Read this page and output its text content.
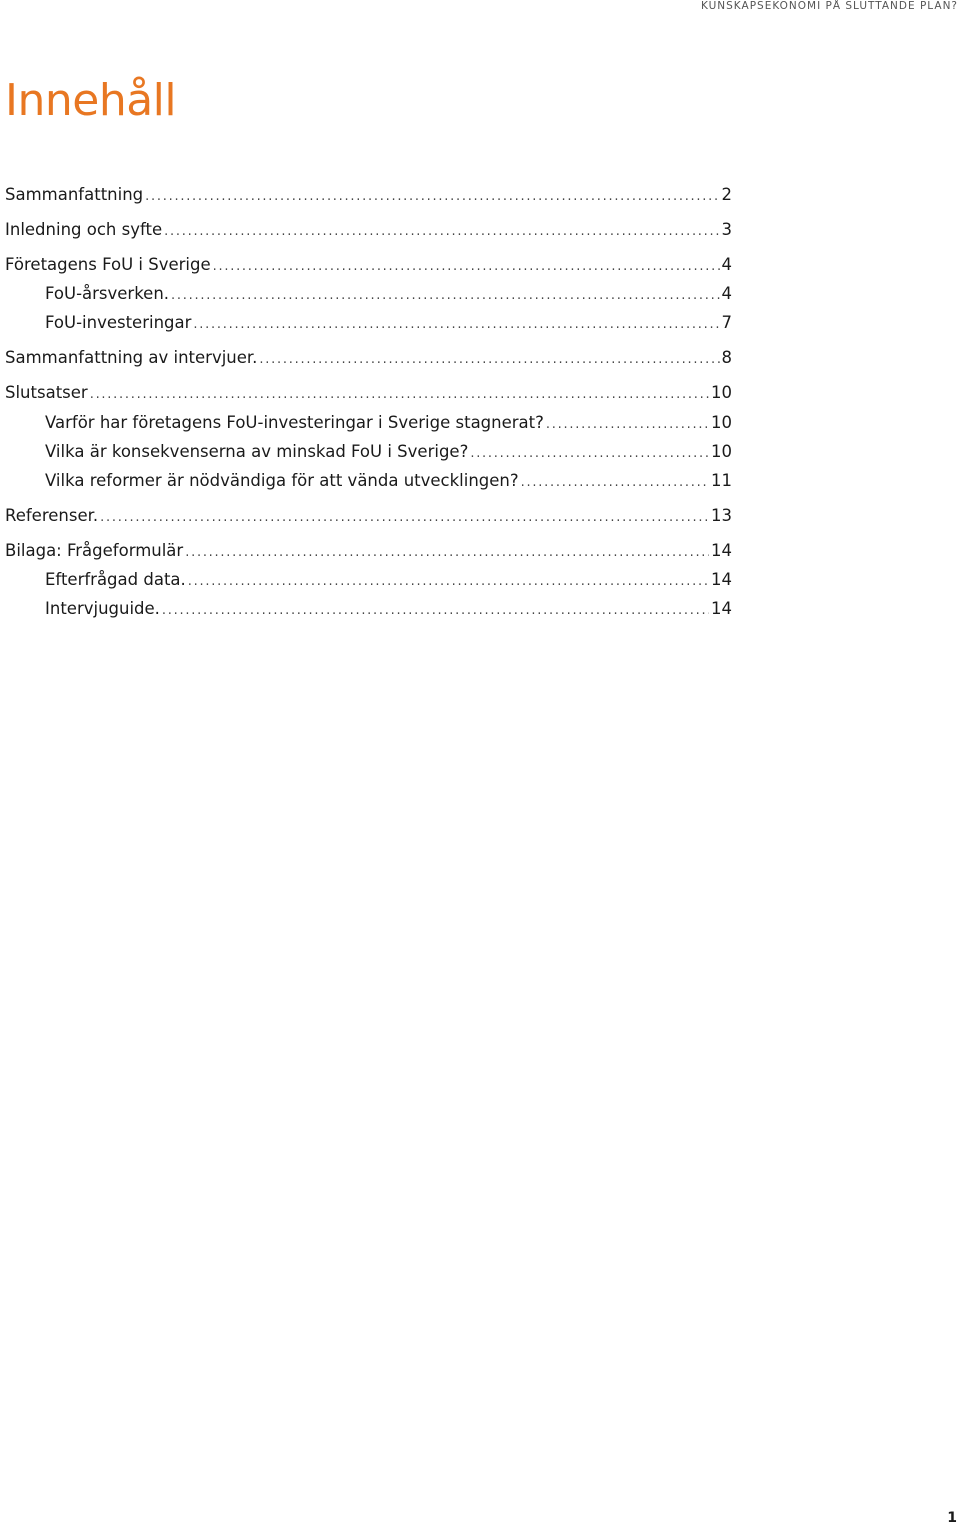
KUNSKAPSEKONOMI PÅ SLUTTANDE PLAN?
Innehåll
Sammanfattning . . .	2
Inledning och syfte . . .	3
Företagens FoU i Sverige . . .	4
FoU-årsverken. . . .	4
FoU-investeringar . . .	7
Sammanfattning av intervjuer. . . .	8
Slutsatser . . .	10
Varför har företagens FoU-investeringar i Sverige stagnerat? . . .	10
Vilka är konsekvenserna av minskad FoU i Sverige? . . .	10
Vilka reformer är nödvändiga för att vända utvecklingen? . . .	11
Referenser. . . .	13
Bilaga: Frågeformulär . . .	14
Efterfrågad data. . . .	14
Intervjuguide. . . .	14
1
